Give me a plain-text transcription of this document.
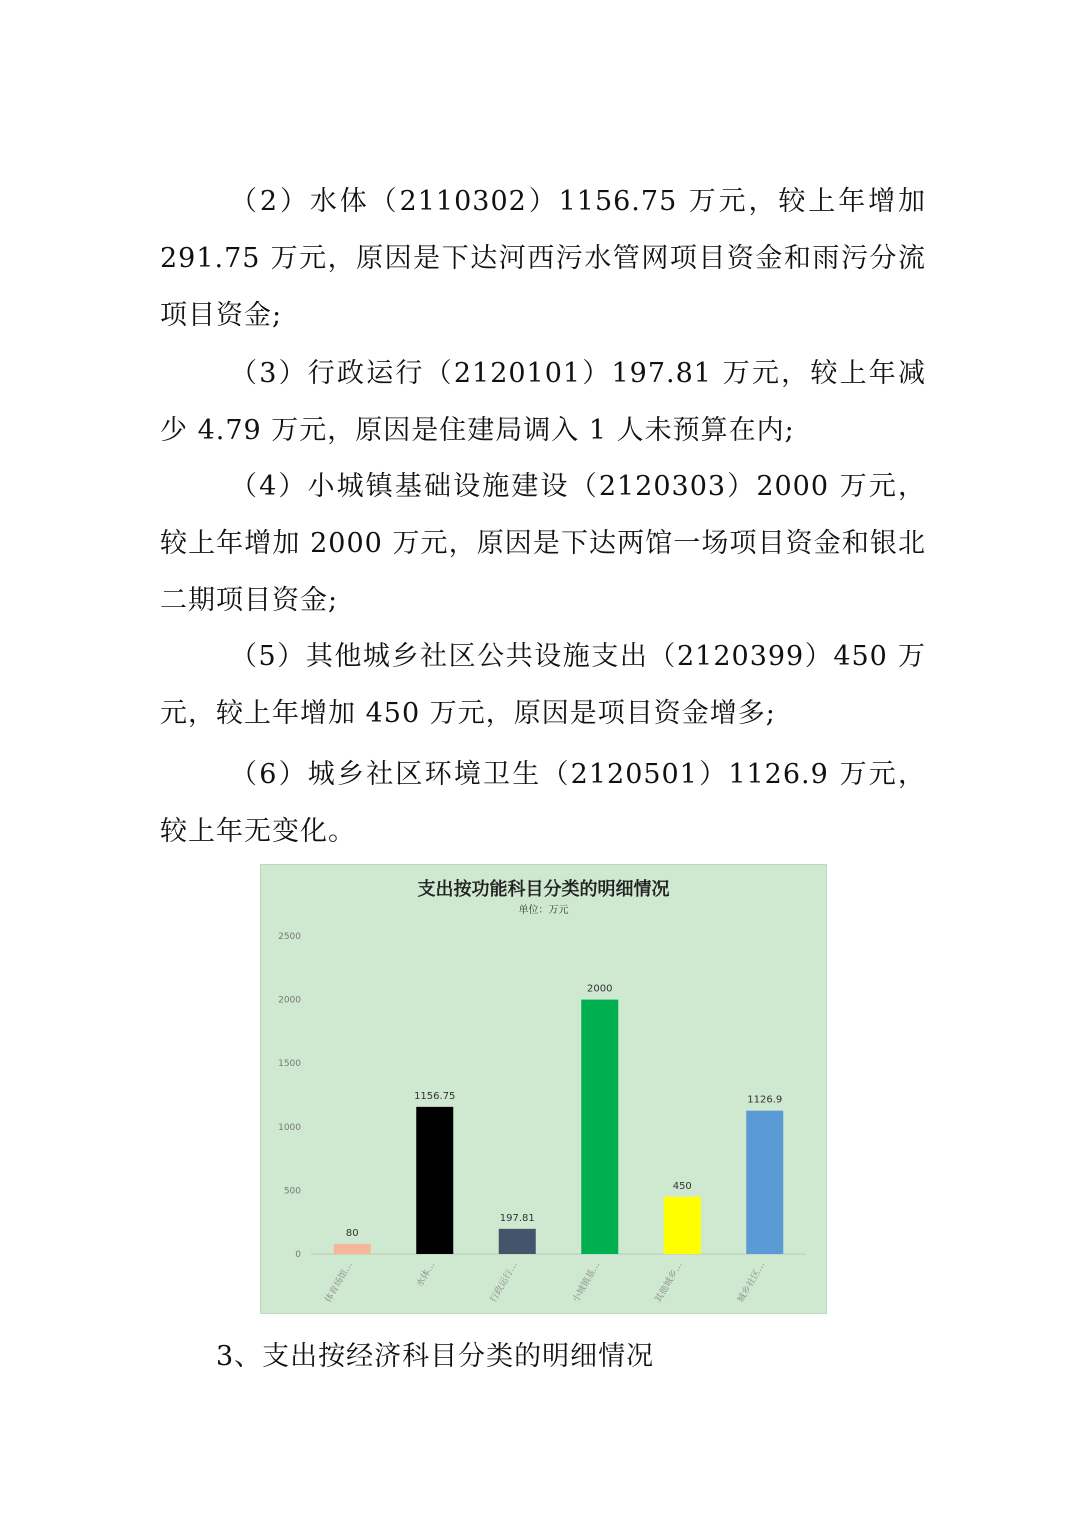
（2）水体（2110302）1156.75 万元，较上年增加 291.75 万元，原因是下达河西污水管网项目资金和雨污分流项目资金;

（3）行政运行（2120101）197.81 万元，较上年减少 4.79 万元，原因是住建局调入 1 人未预算在内;

（4）小城镇基础设施建设（2120303）2000 万元，较上年增加 2000 万元，原因是下达两馆一场项目资金和银北二期项目资金;

（5）其他城乡社区公共设施支出（2120399）450 万元，较上年增加 450 万元，原因是项目资金增多;

（6）城乡社区环境卫生（2120501）1126.9 万元，较上年无变化。

支出按功能科目分类的明细情况
单位：万元
0
500
1000
1500
2000
2500
80
体育场馆…
1156.75
水体…
197.81
行政运行…
2000
小城镇基…
450
其他城乡…
1126.9
城乡社区…

3、支出按经济科目分类的明细情况
